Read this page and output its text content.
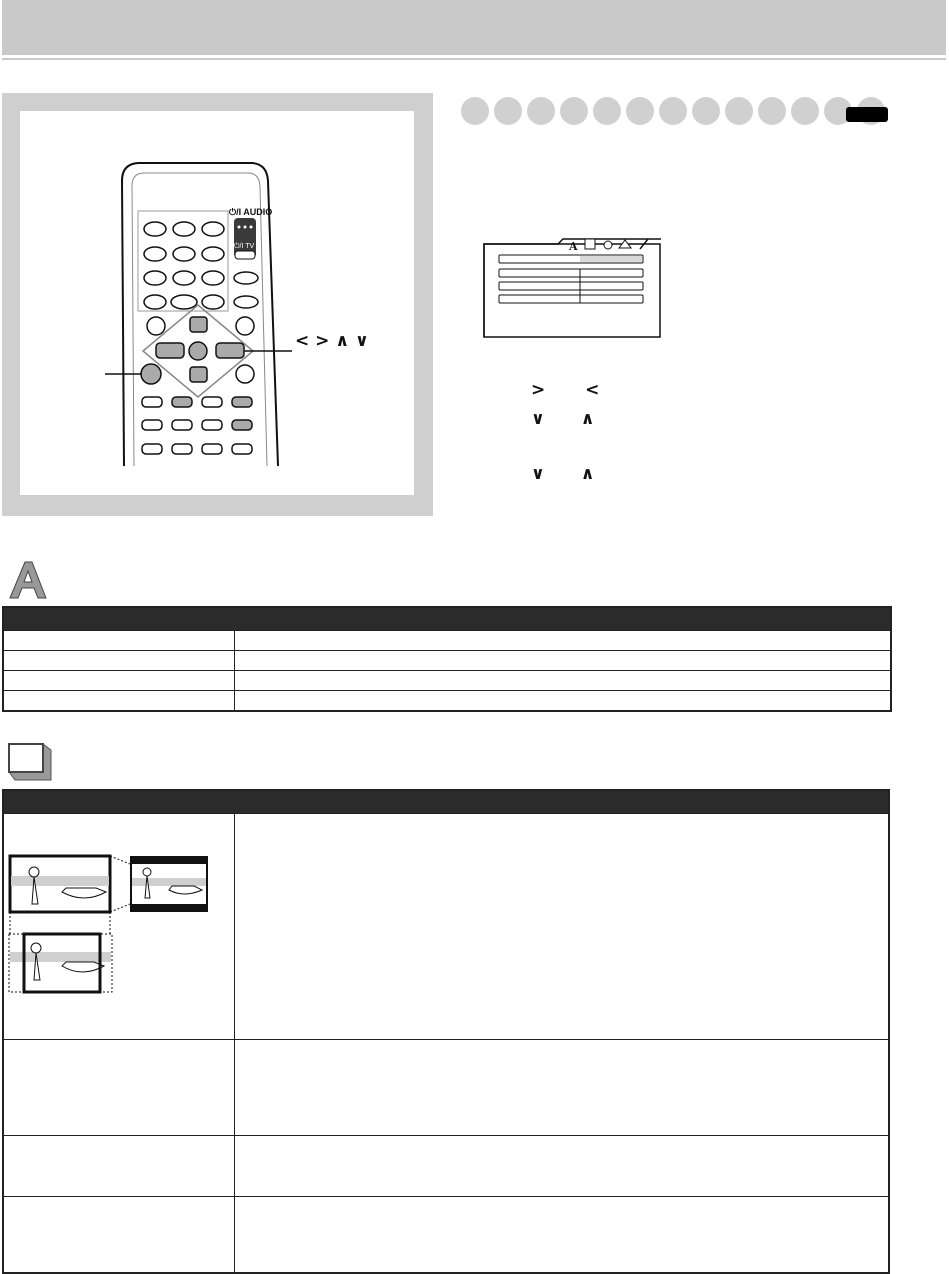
⏻/I AUDIO
⏻/I TV
< > ∧ ∨
A
> <
∨ ∧
∨ ∧
